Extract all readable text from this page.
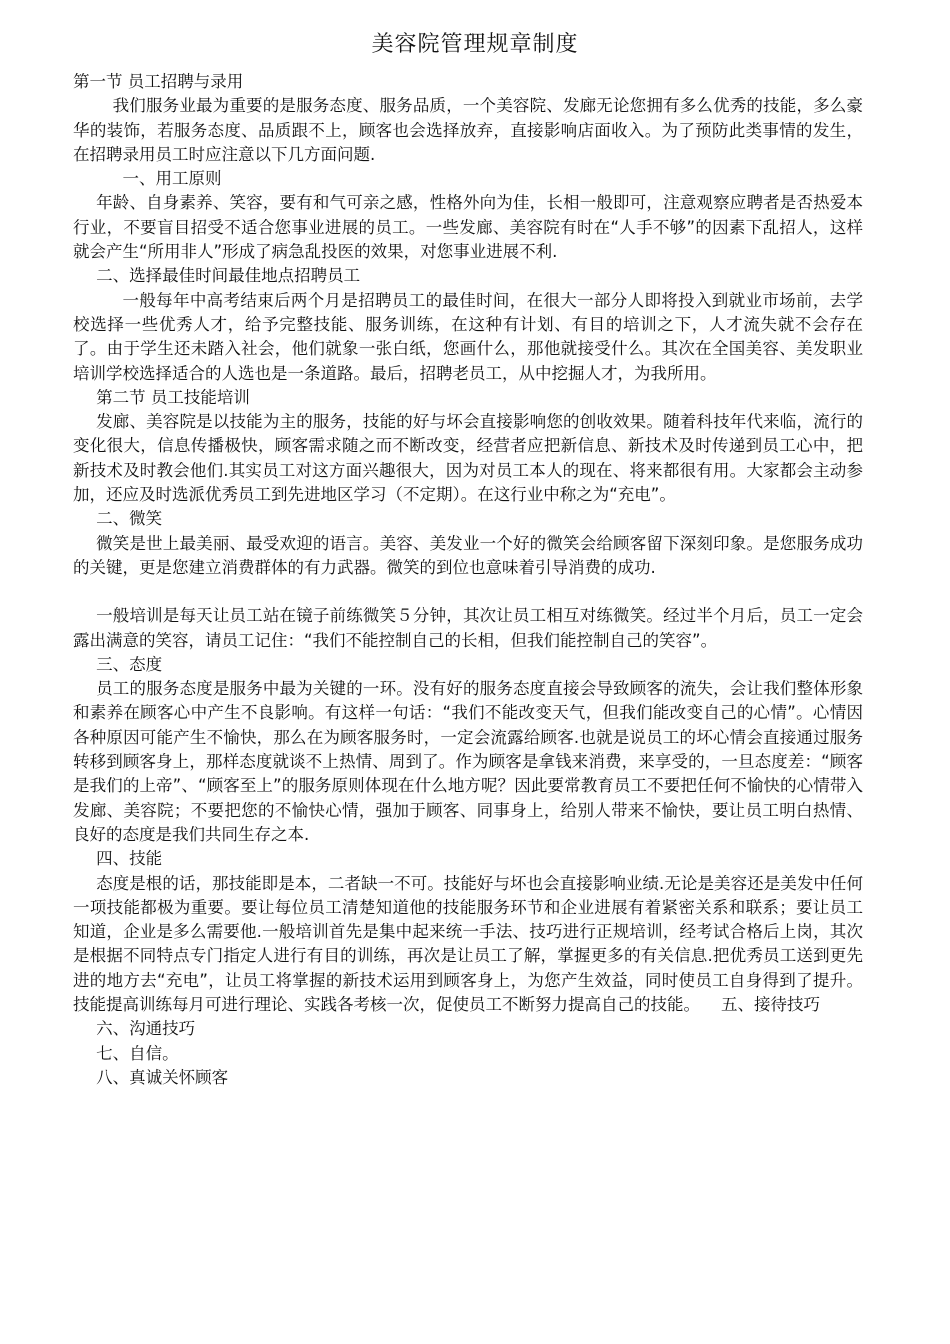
美容院管理规章制度

第一节 员工招聘与录用

我们服务业最为重要的是服务态度、服务品质，一个美容院、发廊无论您拥有多么优秀的技能，多么豪华的装饰，若服务态度、品质跟不上，顾客也会选择放弃，直接影响店面收入。为了预防此类事情的发生，在招聘录用员工时应注意以下几方面问题.

一、用工原则

年龄、自身素养、笑容，要有和气可亲之感，性格外向为佳，长相一般即可，注意观察应聘者是否热爱本行业，不要盲目招受不适合您事业进展的员工。一些发廊、美容院有时在“人手不够”的因素下乱招人，这样就会产生“所用非人”形成了病急乱投医的效果，对您事业进展不利.

二、选择最佳时间最佳地点招聘员工

一般每年中高考结束后两个月是招聘员工的最佳时间，在很大一部分人即将投入到就业市场前，去学校选择一些优秀人才，给予完整技能、服务训练，在这种有计划、有目的培训之下，人才流失就不会存在了。由于学生还未踏入社会，他们就象一张白纸，您画什么，那他就接受什么。其次在全国美容、美发职业培训学校选择适合的人选也是一条道路。最后，招聘老员工，从中挖掘人才，为我所用。

第二节 员工技能培训

发廊、美容院是以技能为主的服务，技能的好与坏会直接影响您的创收效果。随着科技年代来临，流行的变化很大，信息传播极快，顾客需求随之而不断改变，经营者应把新信息、新技术及时传递到员工心中，把新技术及时教会他们.其实员工对这方面兴趣很大，因为对员工本人的现在、将来都很有用。大家都会主动参加，还应及时选派优秀员工到先进地区学习（不定期）。在这行业中称之为“充电”。

二、微笑

微笑是世上最美丽、最受欢迎的语言。美容、美发业一个好的微笑会给顾客留下深刻印象。是您服务成功的关键，更是您建立消费群体的有力武器。微笑的到位也意味着引导消费的成功.

一般培训是每天让员工站在镜子前练微笑５分钟，其次让员工相互对练微笑。经过半个月后，员工一定会露出满意的笑容，请员工记住：“我们不能控制自己的长相，但我们能控制自己的笑容”。

三、态度

员工的服务态度是服务中最为关键的一环。没有好的服务态度直接会导致顾客的流失，会让我们整体形象和素养在顾客心中产生不良影响。有这样一句话：“我们不能改变天气，但我们能改变自己的心情”。心情因各种原因可能产生不愉快，那么在为顾客服务时，一定会流露给顾客.也就是说员工的坏心情会直接通过服务转移到顾客身上，那样态度就谈不上热情、周到了。作为顾客是拿钱来消费，来享受的，一旦态度差：“顾客是我们的上帝”、“顾客至上”的服务原则体现在什么地方呢？因此要常教育员工不要把任何不愉快的心情带入发廊、美容院；不要把您的不愉快心情，强加于顾客、同事身上，给别人带来不愉快，要让员工明白热情、良好的态度是我们共同生存之本.

四、技能

态度是根的话，那技能即是本，二者缺一不可。技能好与坏也会直接影响业绩.无论是美容还是美发中任何一项技能都极为重要。要让每位员工清楚知道他的技能服务环节和企业进展有着紧密关系和联系；要让员工知道，企业是多么需要他.一般培训首先是集中起来统一手法、技巧进行正规培训，经考试合格后上岗，其次是根据不同特点专门指定人进行有目的训练，再次是让员工了解，掌握更多的有关信息.把优秀员工送到更先进的地方去“充电”，让员工将掌握的新技术运用到顾客身上，为您产生效益，同时使员工自身得到了提升。技能提高训练每月可进行理论、实践各考核一次，促使员工不断努力提高自己的技能。 五、接待技巧

六、沟通技巧

七、自信。

八、真诚关怀顾客
